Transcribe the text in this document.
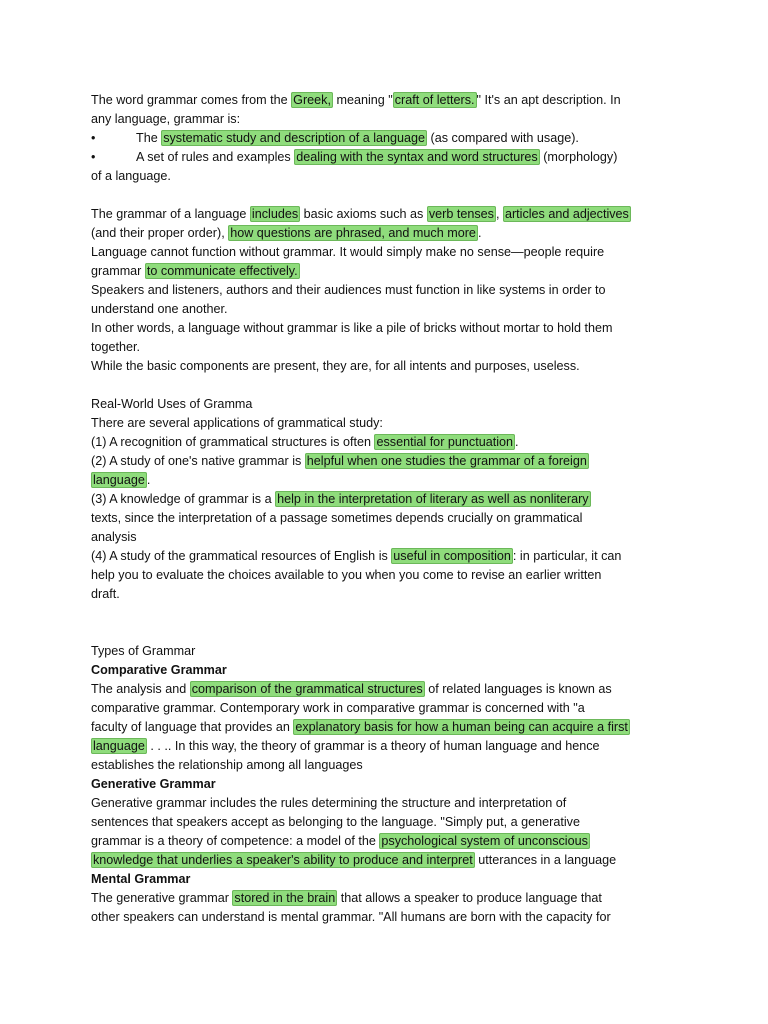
The word grammar comes from the Greek, meaning " craft of letters. " It's an apt description. In
any language, grammar is:
•	The systematic study and description of a language (as compared with usage).
•	A set of rules and examples dealing with the syntax and word structures (morphology)
of a language.
The grammar of a language includes basic axioms such as verb tenses , articles and adjectives
(and their proper order), how questions are phrased, and much more .
Language cannot function without grammar. It would simply make no sense—people require
grammar to communicate effectively.
Speakers and listeners, authors and their audiences must function in like systems in order to
understand one another.
In other words, a language without grammar is like a pile of bricks without mortar to hold them
together.
While the basic components are present, they are, for all intents and purposes, useless.
Real-World Uses of Gramma
There are several applications of grammatical study:
(1) A recognition of grammatical structures is often essential for punctuation .
(2) A study of one's native grammar is helpful when one studies the grammar of a foreign
language .
(3) A knowledge of grammar is a help in the interpretation of literary as well as nonliterary
texts, since the interpretation of a passage sometimes depends crucially on grammatical
analysis
(4) A study of the grammatical resources of English is useful in composition : in particular, it can
help you to evaluate the choices available to you when you come to revise an earlier written
draft.
Types of Grammar
Comparative Grammar
The analysis and comparison of the grammatical structures of related languages is known as
comparative grammar. Contemporary work in comparative grammar is concerned with "a
faculty of language that provides an explanatory basis for how a human being can acquire a first
language . . .. In this way, the theory of grammar is a theory of human language and hence
establishes the relationship among all languages
Generative Grammar
Generative grammar includes the rules determining the structure and interpretation of
sentences that speakers accept as belonging to the language. "Simply put, a generative
grammar is a theory of competence: a model of the psychological system of unconscious
knowledge that underlies a speaker's ability to produce and interpret utterances in a language
Mental Grammar
The generative grammar stored in the brain that allows a speaker to produce language that
other speakers can understand is mental grammar. "All humans are born with the capacity for
